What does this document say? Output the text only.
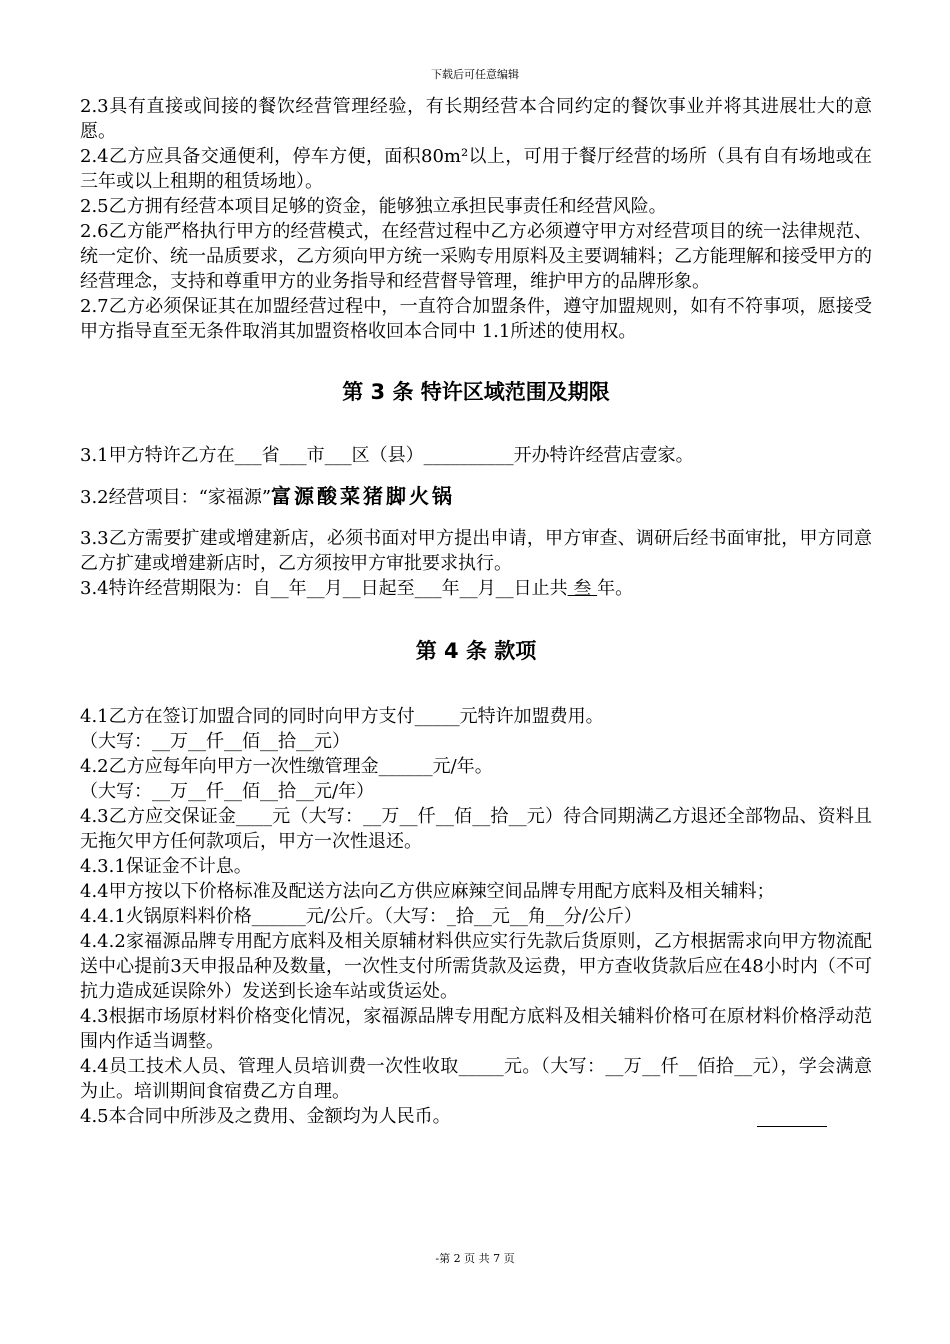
下载后可任意编辑

2.3具有直接或间接的餐饮经营管理经验，有长期经营本合同约定的餐饮事业并将其进展壮大的意愿。

2.4乙方应具备交通便利，停车方便，面积80m²以上，可用于餐厅经营的场所（具有自有场地或在三年或以上租期的租赁场地）。

2.5乙方拥有经营本项目足够的资金，能够独立承担民事责任和经营风险。

2.6乙方能严格执行甲方的经营模式，在经营过程中乙方必须遵守甲方对经营项目的统一法律规范、统一定价、统一品质要求，乙方须向甲方统一采购专用原料及主要调辅料；乙方能理解和接受甲方的经营理念，支持和尊重甲方的业务指导和经营督导管理，维护甲方的品牌形象。

2.7乙方必须保证其在加盟经营过程中，一直符合加盟条件，遵守加盟规则，如有不符事项，愿接受甲方指导直至无条件取消其加盟资格收回本合同中 1.1所述的使用权。

第 3 条 特许区域范围及期限

3.1甲方特许乙方在___省___市___区（县）__________开办特许经营店壹家。

3.2经营项目：“家福源”富源酸菜猪脚火锅

3.3乙方需要扩建或增建新店，必须书面对甲方提出申请，甲方审查、调研后经书面审批，甲方同意乙方扩建或增建新店时，乙方须按甲方审批要求执行。

3.4特许经营期限为：自__年__月__日起至___年__月__日止共 叁 年。

第 4 条 款项

4.1乙方在签订加盟合同的同时向甲方支付_____元特许加盟费用。

（大写：__万__仟__佰__拾__元）

4.2乙方应每年向甲方一次性缴管理金______元/年。

（大写：__万__仟__佰__拾__元/年）

4.3乙方应交保证金____元（大写：__万__仟__佰__拾__元）待合同期满乙方退还全部物品、资料且无拖欠甲方任何款项后，甲方一次性退还。

4.3.1保证金不计息。

4.4甲方按以下价格标准及配送方法向乙方供应麻辣空间品牌专用配方底料及相关辅料；

4.4.1火锅原料料价格______元/公斤。（大写：_拾__元__角__分/公斤）

4.4.2家福源品牌专用配方底料及相关原辅材料供应实行先款后货原则，乙方根据需求向甲方物流配送中心提前3天申报品种及数量，一次性支付所需货款及运费，甲方查收货款后应在48小时内（不可抗力造成延误除外）发送到长途车站或货运处。

4.3根据市场原材料价格变化情况，家福源品牌专用配方底料及相关辅料价格可在原材料价格浮动范围内作适当调整。

4.4员工技术人员、管理人员培训费一次性收取_____元。（大写：__万__仟__佰拾__元），学会满意为止。培训期间食宿费乙方自理。

4.5本合同中所涉及之费用、金额均为人民币。

-第 2 页 共 7 页
